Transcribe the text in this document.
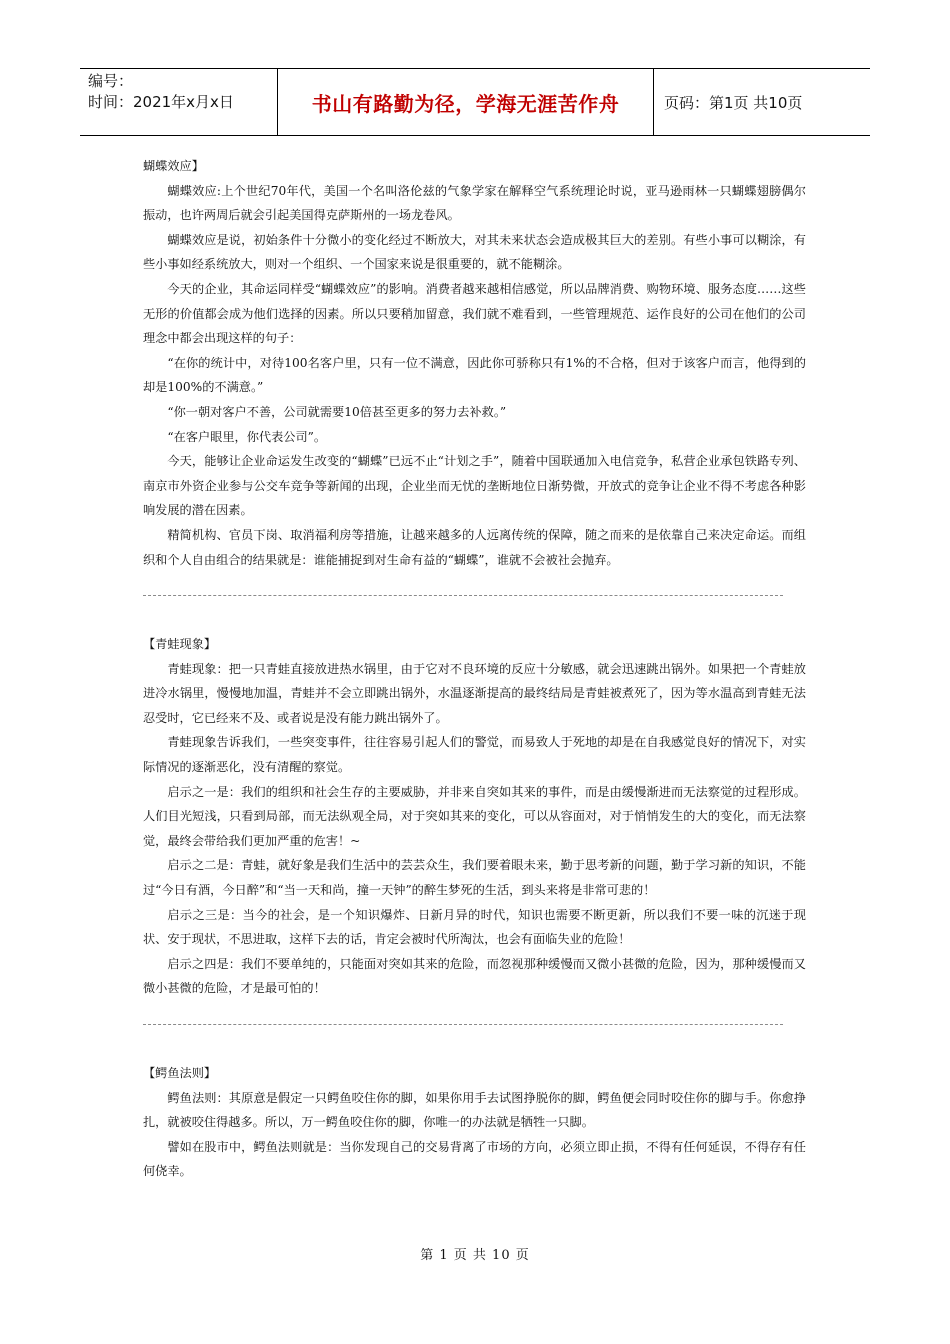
编号：
时间：2021年x月x日	书山有路勤为径，学海无涯苦作舟	页码：第1页 共10页

蝴蝶效应】

蝴蝶效应:上个世纪70年代，美国一个名叫洛伦兹的气象学家在解释空气系统理论时说，亚马逊雨林一只蝴蝶翅膀偶尔振动，也许两周后就会引起美国得克萨斯州的一场龙卷风。

蝴蝶效应是说，初始条件十分微小的变化经过不断放大，对其未来状态会造成极其巨大的差别。有些小事可以糊涂，有些小事如经系统放大，则对一个组织、一个国家来说是很重要的，就不能糊涂。

今天的企业，其命运同样受“蝴蝶效应”的影响。消费者越来越相信感觉，所以品牌消费、购物环境、服务态度……这些无形的价值都会成为他们选择的因素。所以只要稍加留意，我们就不难看到，一些管理规范、运作良好的公司在他们的公司理念中都会出现这样的句子：

“在你的统计中，对待100名客户里，只有一位不满意，因此你可骄称只有1%的不合格，但对于该客户而言，他得到的却是100%的不满意。”

“你一朝对客户不善，公司就需要10倍甚至更多的努力去补救。”

“在客户眼里，你代表公司”。

今天，能够让企业命运发生改变的“蝴蝶”已远不止“计划之手”，随着中国联通加入电信竞争，私营企业承包铁路专列、南京市外资企业参与公交车竞争等新闻的出现，企业坐而无忧的垄断地位日渐势微，开放式的竞争让企业不得不考虑各种影响发展的潜在因素。

精简机构、官员下岗、取消福利房等措施，让越来越多的人远离传统的保障，随之而来的是依靠自己来决定命运。而组织和个人自由组合的结果就是：谁能捕捉到对生命有益的“蝴蝶”，谁就不会被社会抛弃。

【青蛙现象】

青蛙现象：把一只青蛙直接放进热水锅里，由于它对不良环境的反应十分敏感，就会迅速跳出锅外。如果把一个青蛙放进冷水锅里，慢慢地加温，青蛙并不会立即跳出锅外，水温逐渐提高的最终结局是青蛙被煮死了，因为等水温高到青蛙无法忍受时，它已经来不及、或者说是没有能力跳出锅外了。

青蛙现象告诉我们，一些突变事件，往往容易引起人们的警觉，而易致人于死地的却是在自我感觉良好的情况下，对实际情况的逐渐恶化，没有清醒的察觉。

启示之一是：我们的组织和社会生存的主要威胁，并非来自突如其来的事件，而是由缓慢渐进而无法察觉的过程形成。人们目光短浅，只看到局部，而无法纵观全局，对于突如其来的变化，可以从容面对，对于悄悄发生的大的变化，而无法察觉，最终会带给我们更加严重的危害！~

启示之二是：青蛙，就好象是我们生活中的芸芸众生，我们要着眼未来，勤于思考新的问题，勤于学习新的知识，不能过“今日有酒，今日醉”和“当一天和尚，撞一天钟”的醉生梦死的生活，到头来将是非常可悲的！

启示之三是：当今的社会，是一个知识爆炸、日新月异的时代，知识也需要不断更新，所以我们不要一味的沉迷于现状、安于现状，不思进取，这样下去的话，肯定会被时代所淘汰，也会有面临失业的危险！

启示之四是：我们不要单纯的，只能面对突如其来的危险，而忽视那种缓慢而又微小甚微的危险，因为，那种缓慢而又微小甚微的危险，才是最可怕的！

【鳄鱼法则】

鳄鱼法则：其原意是假定一只鳄鱼咬住你的脚，如果你用手去试图挣脱你的脚，鳄鱼便会同时咬住你的脚与手。你愈挣扎，就被咬住得越多。所以，万一鳄鱼咬住你的脚，你唯一的办法就是牺牲一只脚。

譬如在股市中，鳄鱼法则就是：当你发现自己的交易背离了市场的方向，必须立即止损，不得有任何延误，不得存有任何侥幸。

第 1 页 共 10 页
